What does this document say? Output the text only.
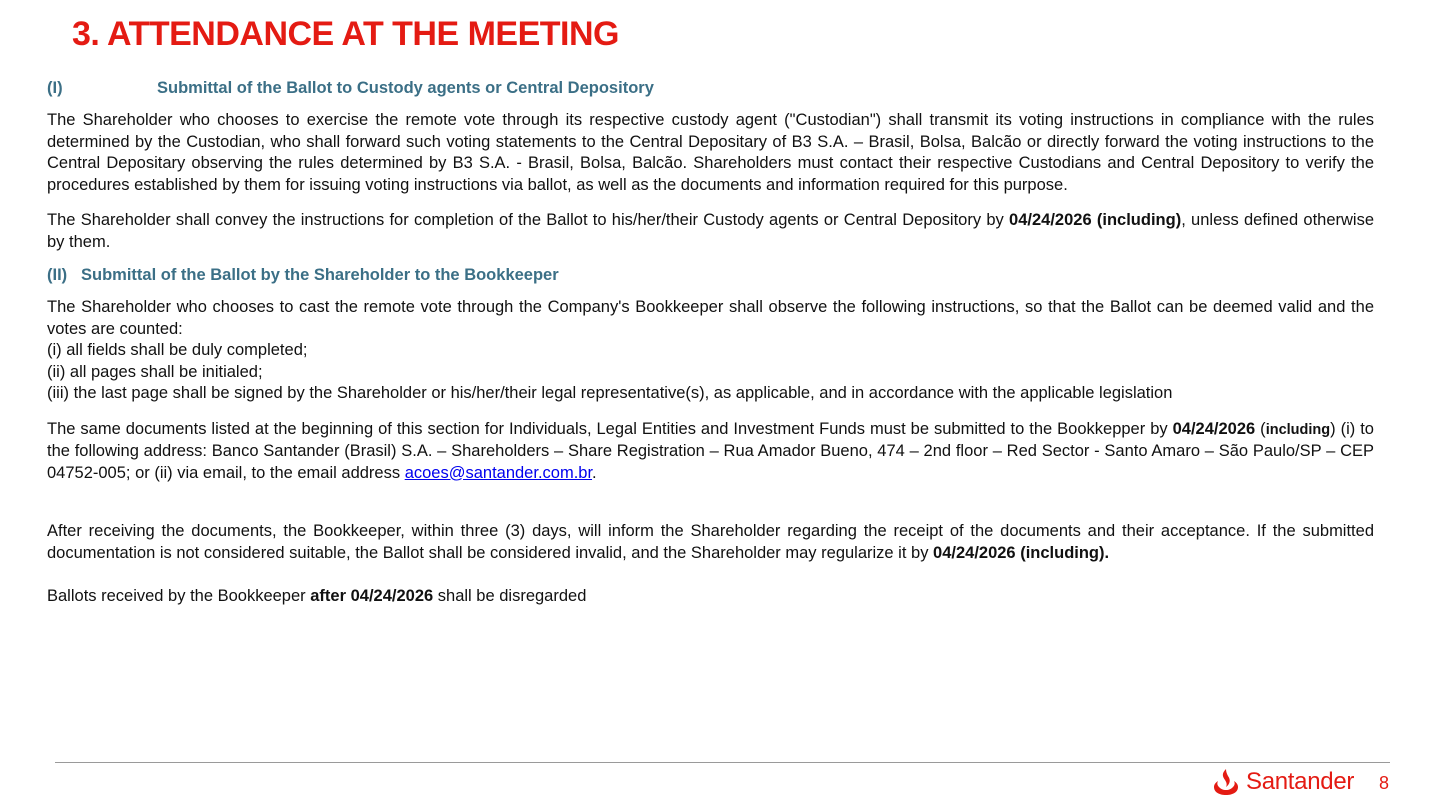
3. ATTENDANCE AT THE MEETING
(I)	Submittal of the Ballot to Custody agents or Central Depository

The Shareholder who chooses to exercise the remote vote through its respective custody agent ("Custodian") shall transmit its voting instructions in compliance with the rules determined by the Custodian, who shall forward such voting statements to the Central Depositary of B3 S.A. – Brasil, Bolsa, Balcão or directly forward the voting instructions to the Central Depositary observing the rules determined by B3 S.A. - Brasil, Bolsa, Balcão. Shareholders must contact their respective Custodians and Central Depository to verify the procedures established by them for issuing voting instructions via ballot, as well as the documents and information required for this purpose.

The Shareholder shall convey the instructions for completion of the Ballot to his/her/their Custody agents or Central Depository by 04/24/2026 (including), unless defined otherwise by them.

(II) Submittal of the Ballot by the Shareholder to the Bookkeeper

The Shareholder who chooses to cast the remote vote through the Company's Bookkeeper shall observe the following instructions, so that the Ballot can be deemed valid and the votes are counted:

(i) all fields shall be duly completed;
(ii) all pages shall be initialed;
(iii) the last page shall be signed by the Shareholder or his/her/their legal representative(s), as applicable, and in accordance with the applicable legislation

The same documents listed at the beginning of this section for Individuals, Legal Entities and Investment Funds must be submitted to the Bookkepper by 04/24/2026 (including) (i) to the following address: Banco Santander (Brasil) S.A. – Shareholders – Share Registration – Rua Amador Bueno, 474 – 2nd floor – Red Sector - Santo Amaro – São Paulo/SP – CEP 04752-005; or (ii) via email, to the email address acoes@santander.com.br.

After receiving the documents, the Bookkeeper, within three (3) days, will inform the Shareholder regarding the receipt of the documents and their acceptance. If the submitted documentation is not considered suitable, the Ballot shall be considered invalid, and the Shareholder may regularize it by 04/24/2026 (including).

Ballots received by the Bookkeeper after 04/24/2026 shall be disregarded

Santander 8
